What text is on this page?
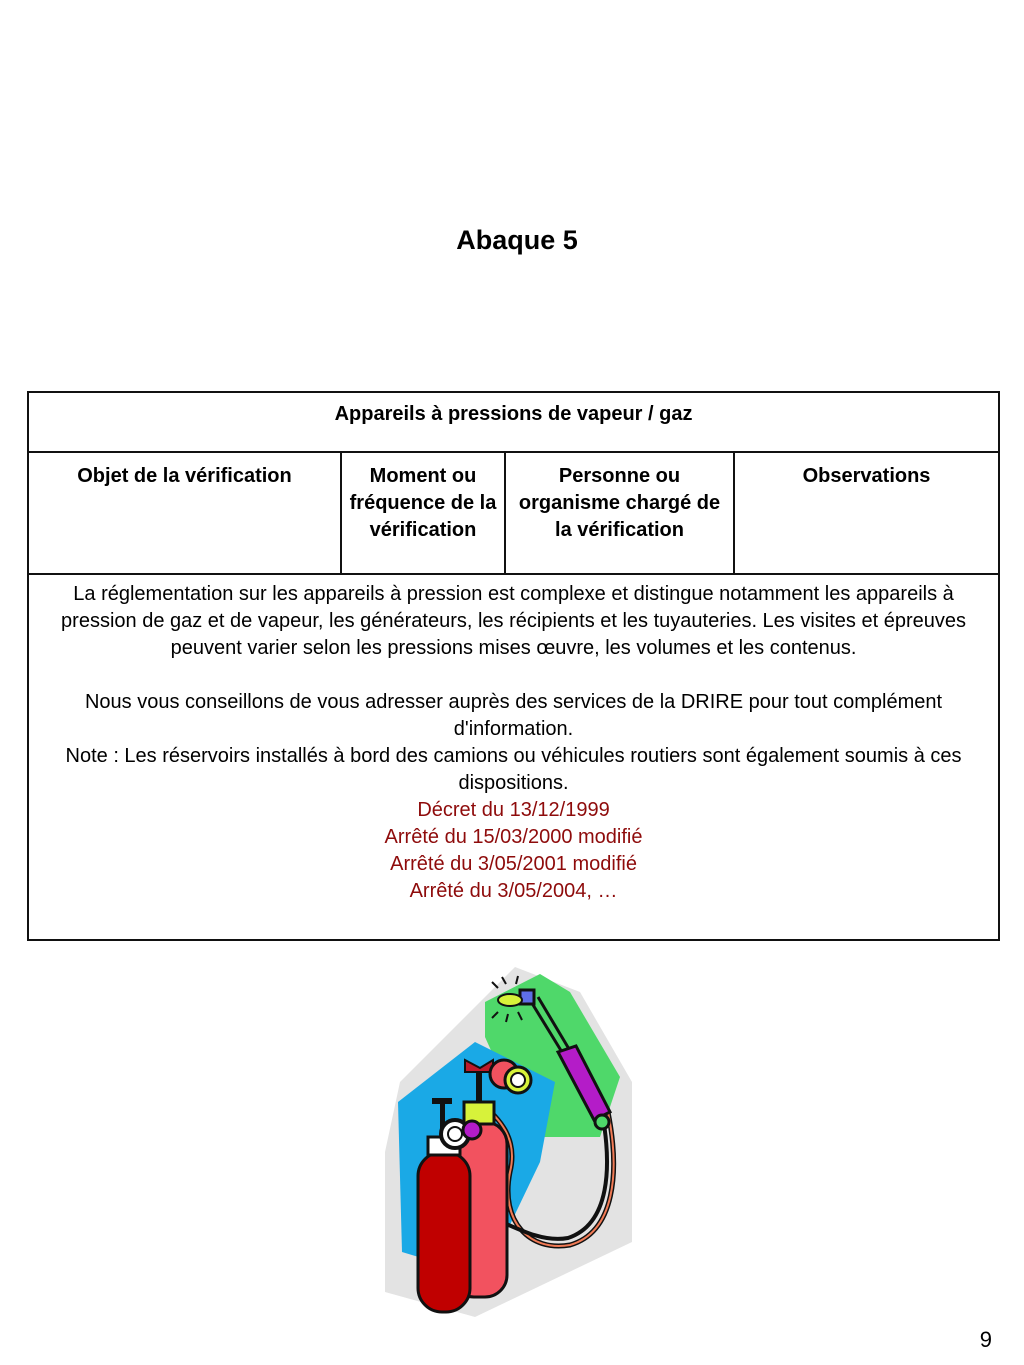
Abaque 5
Appareils à pressions de vapeur / gaz
Objet de la vérification	Moment ou fréquence de la vérification	Personne ou organisme chargé de la vérification	Observations

La réglementation sur les appareils à pression est complexe et distingue notamment les appareils à pression de gaz et de vapeur, les générateurs, les récipients et les tuyauteries. Les visites et épreuves peuvent varier selon les pressions mises œuvre, les volumes et les contenus.

Nous vous conseillons de vous adresser auprès des services de la DRIRE pour tout complément d'information.

Note : Les réservoirs installés à bord des camions ou véhicules routiers sont également soumis à ces dispositions.

Décret du 13/12/1999

Arrêté du 15/03/2000 modifié

Arrêté du 3/05/2001 modifié

Arrêté du 3/05/2004, …

9
